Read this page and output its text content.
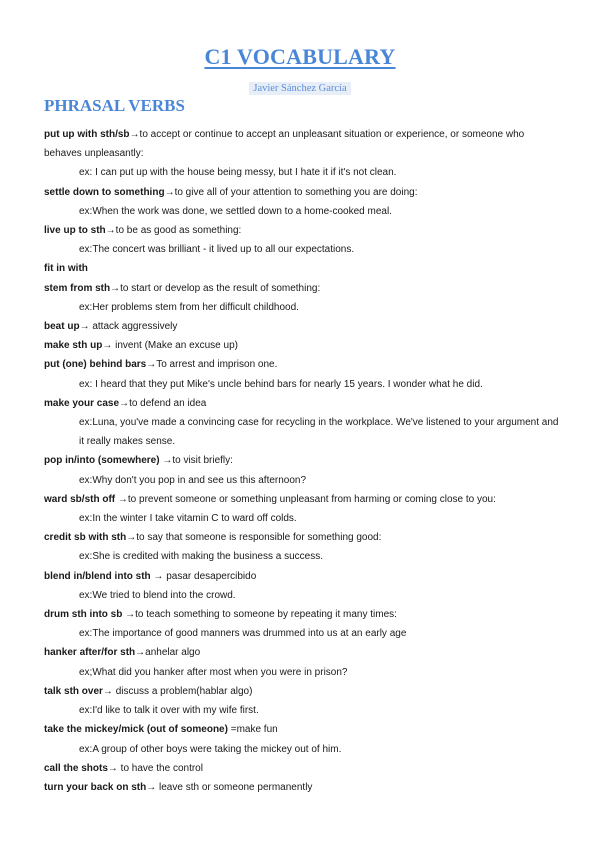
C1 VOCABULARY
Javier Sánchez García
PHRASAL VERBS

put up with sth/sb→to accept or continue to accept an unpleasant situation or experience, or someone who behaves unpleasantly:

ex: I can put up with the house being messy, but I hate it if it's not clean.

settle down to something→to give all of your attention to something you are doing:

ex:When the work was done, we settled down to a home-cooked meal.

live up to sth→to be as good as something:

ex:The concert was brilliant - it lived up to all our expectations.

fit in with

stem from sth→to start or develop as the result of something:

ex:Her problems stem from her difficult childhood.

beat up→ attack aggressively

make sth up→ invent (Make an excuse up)

put (one) behind bars→To arrest and imprison one.

ex: I heard that they put Mike's uncle behind bars for nearly 15 years. I wonder what he did.

make your case→to defend an idea

ex:Luna, you've made a convincing case for recycling in the workplace. We've listened to your argument and it really makes sense.

pop in/into (somewhere) →to visit briefly:

ex:Why don't you pop in and see us this afternoon?

ward sb/sth off →to prevent someone or something unpleasant from harming or coming close to you:

ex:In the winter I take vitamin C to ward off colds.

credit sb with sth→to say that someone is responsible for something good:

ex:She is credited with making the business a success.

blend in/blend into sth → pasar desapercibido

ex:We tried to blend into the crowd.

drum sth into sb →to teach something to someone by repeating it many times:

ex:The importance of good manners was drummed into us at an early age

hanker after/for sth→anhelar algo

ex;What did you hanker after most when you were in prison?

talk sth over→ discuss a problem(hablar algo)

ex:I'd like to talk it over with my wife first.

take the mickey/mick (out of someone) =make fun

ex:A group of other boys were taking the mickey out of him.

call the shots→ to have the control

turn your back on sth→ leave sth or someone permanently
